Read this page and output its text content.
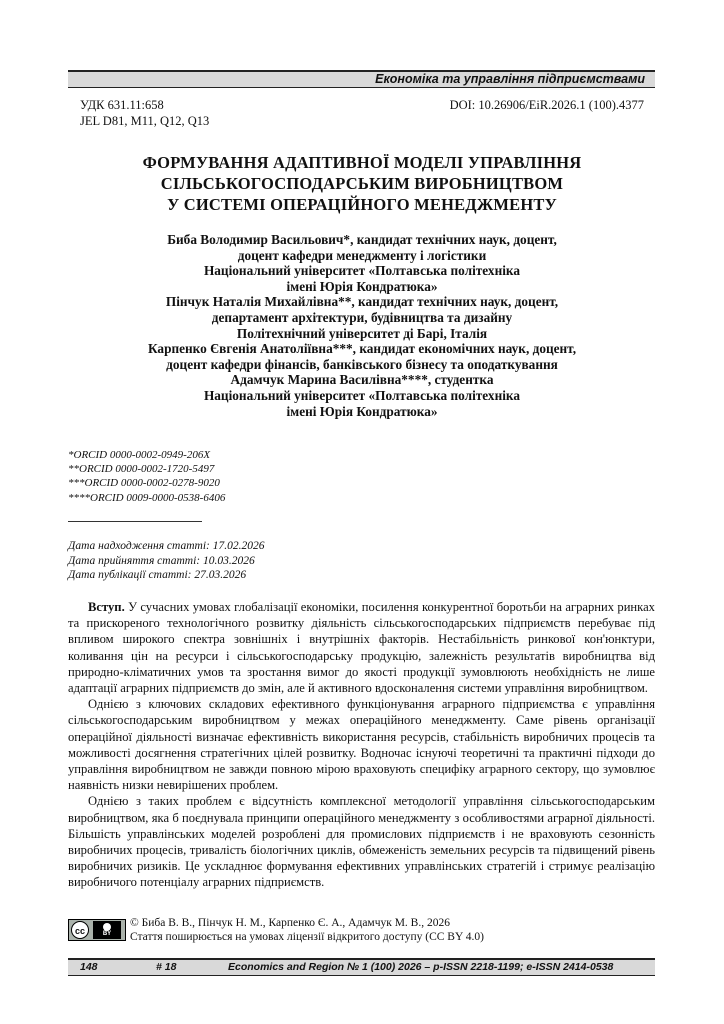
Економіка та управління підприємствами
УДК 631.11:658
JEL D81, M11, Q12, Q13
DOI: 10.26906/EiR.2026.1 (100).4377
ФОРМУВАННЯ АДАПТИВНОЇ МОДЕЛІ УПРАВЛІННЯ
СІЛЬСЬКОГОСПОДАРСЬКИМ ВИРОБНИЦТВОМ
У СИСТЕМІ ОПЕРАЦІЙНОГО МЕНЕДЖМЕНТУ
Биба Володимир Васильович*, кандидат технічних наук, доцент,
доцент кафедри менеджменту і логістики
Національний університет «Полтавська політехніка
імені Юрія Кондратюка»
Пінчук Наталія Михайлівна**, кандидат технічних наук, доцент,
департамент архітектури, будівництва та дизайну
Політехнічний університет ді Барі, Італія
Карпенко Євгенія Анатоліївна***, кандидат економічних наук, доцент,
доцент кафедри фінансів, банківського бізнесу та оподаткування
Адамчук Марина Василівна****, студентка
Національний університет «Полтавська політехніка
імені Юрія Кондратюка»
*ORCID 0000-0002-0949-206X
**ORCID 0000-0002-1720-5497
***ORCID 0000-0002-0278-9020
****ORCID 0009-0000-0538-6406
Дата надходження статті: 17.02.2026
Дата прийняття статті: 10.03.2026
Дата публікації статті: 27.03.2026

Вступ. У сучасних умовах глобалізації економіки, посилення конкурентної боротьби на аграрних ринках та прискореного технологічного розвитку діяльність сільськогосподарських підприємств перебуває під впливом широкого спектра зовнішніх і внутрішніх факторів. Нестабільність ринкової кон'юнктури, коливання цін на ресурси і сільськогосподарську продукцію, залежність результатів виробництва від природно-кліматичних умов та зростання вимог до якості продукції зумовлюють необхідність не лише адаптації аграрних підприємств до змін, але й активного вдосконалення системи управління виробництвом.

Однією з ключових складових ефективного функціонування аграрного підприємства є управління сільськогосподарським виробництвом у межах операційного менеджменту. Саме рівень організації операційної діяльності визначає ефективність використання ресурсів, стабільність виробничих процесів та можливості досягнення стратегічних цілей розвитку. Водночас існуючі теоретичні та практичні підходи до управління виробництвом не завжди повною мірою враховують специфіку аграрного сектору, що зумовлює наявність низки невирішених проблем.

Однією з таких проблем є відсутність комплексної методології управління сільськогосподарським виробництвом, яка б поєднувала принципи операційного менеджменту з особливостями аграрної діяльності. Більшість управлінських моделей розроблені для промислових підприємств і не враховують сезонність виробничих процесів, тривалість біологічних циклів, обмеженість земельних ресурсів та підвищений рівень виробничих ризиків. Це ускладнює формування ефективних управлінських стратегій і стримує реалізацію виробничого потенціалу аграрних підприємств.

cc	BY
© Биба В. В., Пінчук Н. М., Карпенко Є. А., Адамчук М. В., 2026
Стаття поширюється на умовах ліцензії відкритого доступу (CC BY 4.0)
148	# 18	Economics and Region № 1 (100) 2026 – p-ISSN 2218-1199; e-ISSN 2414-0538
